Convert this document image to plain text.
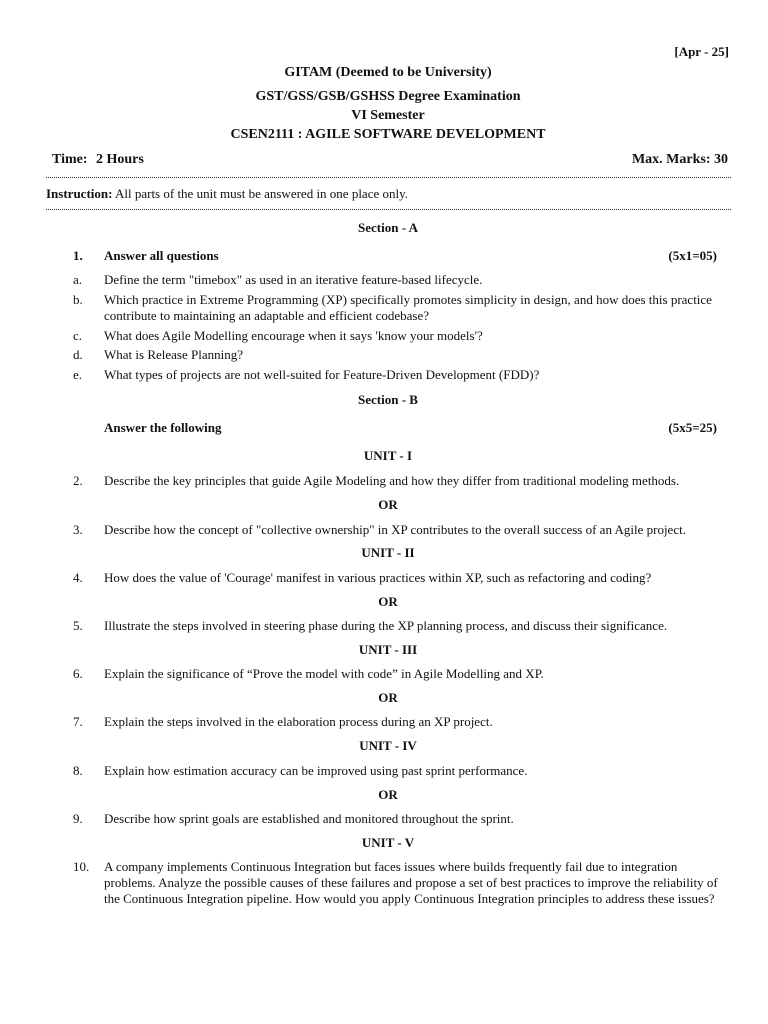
[Apr - 25]
GITAM (Deemed to be University)
GST/GSS/GSB/GSHSS Degree Examination
VI Semester
CSEN2111 : AGILE SOFTWARE DEVELOPMENT
Time: 2 Hours	Max. Marks: 30
Instruction: All parts of the unit must be answered in one place only.
Section - A
1. Answer all questions	(5x1=05)
a. Define the term "timebox" as used in an iterative feature-based lifecycle.
b. Which practice in Extreme Programming (XP) specifically promotes simplicity in design, and how does this practice contribute to maintaining an adaptable and efficient codebase?
c. What does Agile Modelling encourage when it says 'know your models'?
d. What is Release Planning?
e. What types of projects are not well-suited for Feature-Driven Development (FDD)?
Section - B
Answer the following	(5x5=25)
UNIT - I
2. Describe the key principles that guide Agile Modeling and how they differ from traditional modeling methods.
OR
3. Describe how the concept of "collective ownership" in XP contributes to the overall success of an Agile project.
UNIT - II
4. How does the value of 'Courage' manifest in various practices within XP, such as refactoring and coding?
OR
5. Illustrate the steps involved in steering phase during the XP planning process, and discuss their significance.
UNIT - III
6. Explain the significance of “Prove the model with code” in Agile Modelling and XP.
OR
7. Explain the steps involved in the elaboration process during an XP project.
UNIT - IV
8. Explain how estimation accuracy can be improved using past sprint performance.
OR
9. Describe how sprint goals are established and monitored throughout the sprint.
UNIT - V
10. A company implements Continuous Integration but faces issues where builds frequently fail due to integration problems. Analyze the possible causes of these failures and propose a set of best practices to improve the reliability of the Continuous Integration pipeline. How would you apply Continuous Integration principles to address these issues?
